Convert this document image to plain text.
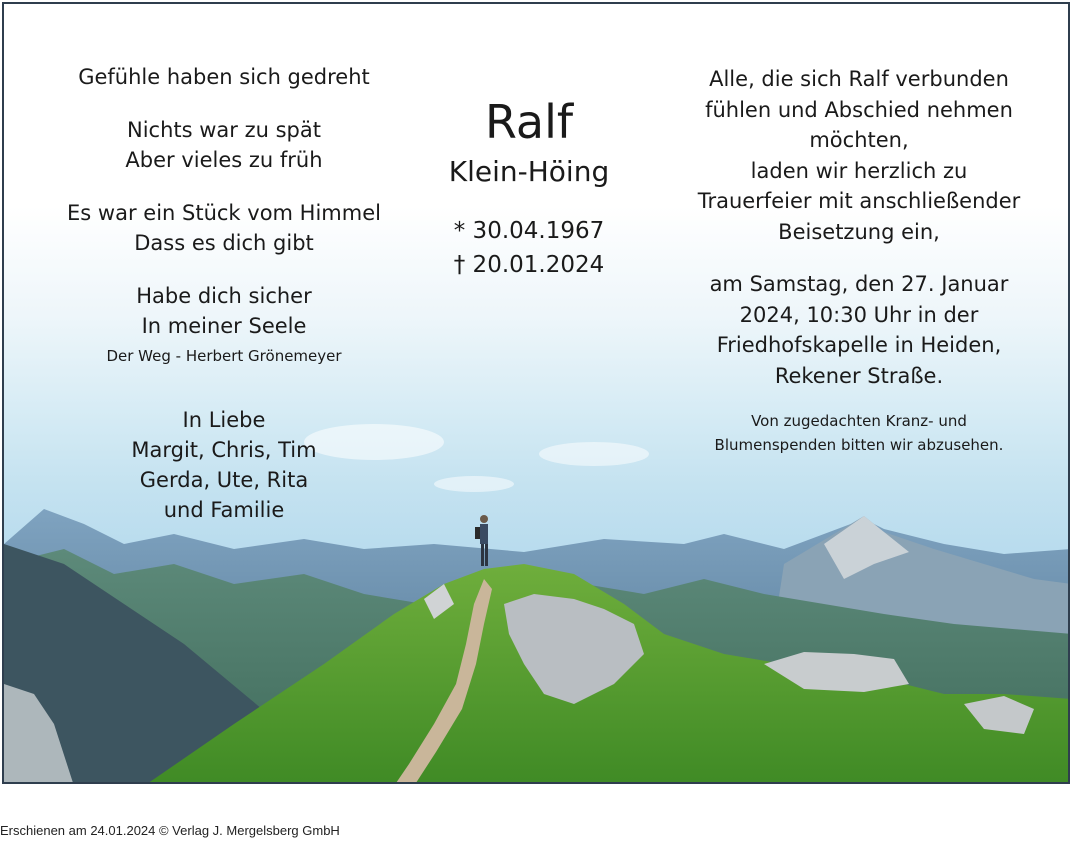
Gefühle haben sich gedreht

Nichts war zu spät
Aber vieles zu früh

Es war ein Stück vom Himmel
Dass es dich gibt

Habe dich sicher
In meiner Seele

Der Weg - Herbert Grönemeyer

In Liebe
Margit, Chris, Tim
Gerda, Ute, Rita
und Familie

Ralf

Klein-Höing

* 30.04.1967

† 20.01.2024

Alle, die sich Ralf verbunden
fühlen und Abschied nehmen
möchten,
laden wir herzlich zu
Trauerfeier mit anschließender
Beisetzung ein,

am Samstag, den 27. Januar
2024, 10:30 Uhr in der
Friedhofskapelle in Heiden,
Rekener Straße.

Von zugedachten Kranz- und
Blumenspenden bitten wir abzusehen.

Erschienen am 24.01.2024 © Verlag J. Mergelsberg GmbH
